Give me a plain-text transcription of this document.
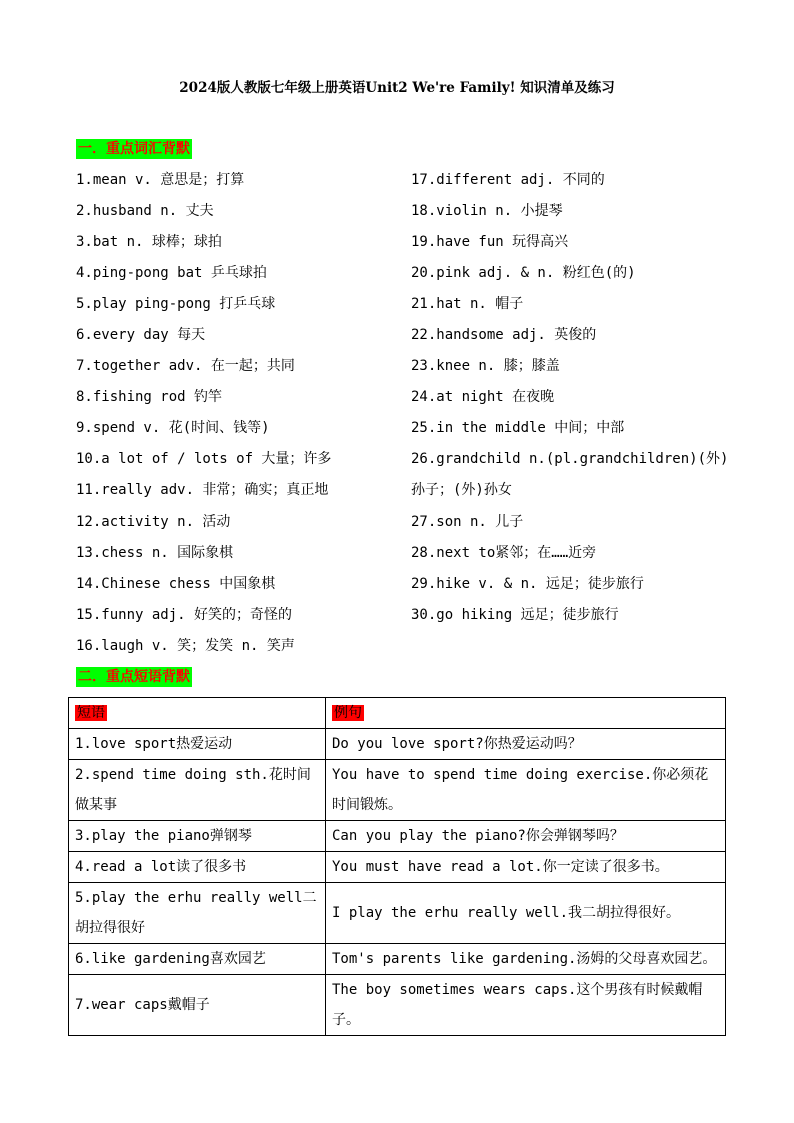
2024版人教版七年级上册英语Unit2 We're Family! 知识清单及练习
一．重点词汇背默
1.mean v. 意思是；打算
2.husband n. 丈夫
3.bat n. 球棒；球拍
4.ping-pong bat 乒乓球拍
5.play ping-pong 打乒乓球
6.every day 每天
7.together adv. 在一起；共同
8.fishing rod 钓竿
9.spend v. 花(时间、钱等)
10.a lot of / lots of 大量；许多
11.really adv. 非常；确实；真正地
12.activity n. 活动
13.chess n. 国际象棋
14.Chinese chess 中国象棋
15.funny adj. 好笑的；奇怪的
16.laugh v. 笑；发笑 n. 笑声
17.different adj. 不同的
18.violin n. 小提琴
19.have fun 玩得高兴
20.pink adj. & n. 粉红色(的)
21.hat n. 帽子
22.handsome adj. 英俊的
23.knee n. 膝；膝盖
24.at night 在夜晚
25.in the middle 中间；中部
26.grandchild n.(pl.grandchildren)(外)
孙子；(外)孙女
27.son n. 儿子
28.next to紧邻；在……近旁
29.hike v. & n. 远足；徒步旅行
30.go hiking 远足；徒步旅行
二．重点短语背默
短语	例句
1.love sport热爱运动	Do you love sport?你热爱运动吗？
2.spend time doing sth.花时间做某事	You have to spend time doing exercise.你必须花时间锻炼。
3.play the piano弹钢琴	Can you play the piano?你会弹钢琴吗？
4.read a lot读了很多书	You must have read a lot.你一定读了很多书。
5.play the erhu really well二胡拉得很好	I play the erhu really well.我二胡拉得很好。
6.like gardening喜欢园艺	Tom's parents like gardening.汤姆的父母喜欢园艺。
7.wear caps戴帽子	The boy sometimes wears caps.这个男孩有时候戴帽子。
